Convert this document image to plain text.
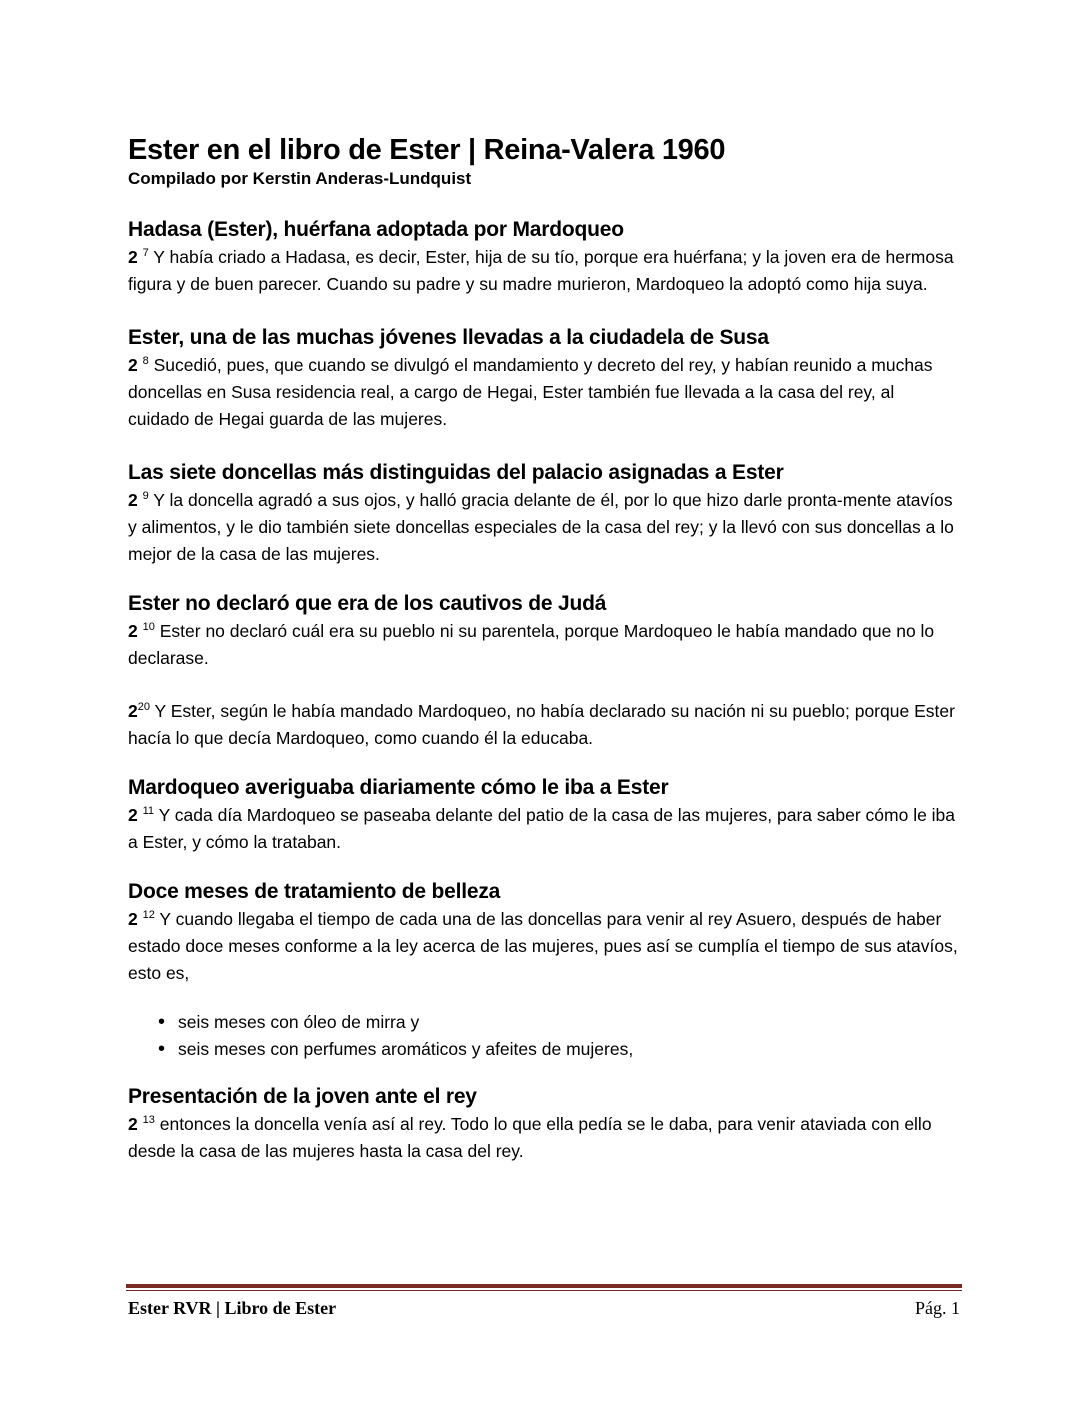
Ester en el libro de Ester | Reina-Valera 1960
Compilado por Kerstin Anderas-Lundquist
Hadasa (Ester), huérfana adoptada por Mardoqueo

2 $^7$ Y había criado a Hadasa, es decir, Ester, hija de su tío, porque era huérfana; y la joven era de hermosa figura y de buen parecer. Cuando su padre y su madre murieron, Mardoqueo la adoptó como hija suya.

Ester, una de las muchas jóvenes llevadas a la ciudadela de Susa

2 $^8$ Sucedió, pues, que cuando se divulgó el mandamiento y decreto del rey, y habían reunido a muchas doncellas en Susa residencia real, a cargo de Hegai, Ester también fue llevada a la casa del rey, al cuidado de Hegai guarda de las mujeres.

Las siete doncellas más distinguidas del palacio asignadas a Ester

2 $^9$ Y la doncella agradó a sus ojos, y halló gracia delante de él, por lo que hizo darle pronta-mente atavíos y alimentos, y le dio también siete doncellas especiales de la casa del rey; y la llevó con sus doncellas a lo mejor de la casa de las mujeres.

Ester no declaró que era de los cautivos de Judá

2 $^{10}$ Ester no declaró cuál era su pueblo ni su parentela, porque Mardoqueo le había mandado que no lo declarase.

$2^{20}$ Y Ester, según le había mandado Mardoqueo, no había declarado su nación ni su pueblo; porque Ester hacía lo que decía Mardoqueo, como cuando él la educaba.

Mardoqueo averiguaba diariamente cómo le iba a Ester

2 $^{11}$ Y cada día Mardoqueo se paseaba delante del patio de la casa de las mujeres, para saber cómo le iba a Ester, y cómo la trataban.

Doce meses de tratamiento de belleza

2 $^{12}$ Y cuando llegaba el tiempo de cada una de las doncellas para venir al rey Asuero, después de haber estado doce meses conforme a la ley acerca de las mujeres, pues así se cumplía el tiempo de sus atavíos, esto es,

• seis meses con óleo de mirra y
• seis meses con perfumes aromáticos y afeites de mujeres,
Presentación de la joven ante el rey

2 $^{13}$ entonces la doncella venía así al rey. Todo lo que ella pedía se le daba, para venir ataviada con ello desde la casa de las mujeres hasta la casa del rey.

Ester RVR | Libro de Ester	Pág. 1
